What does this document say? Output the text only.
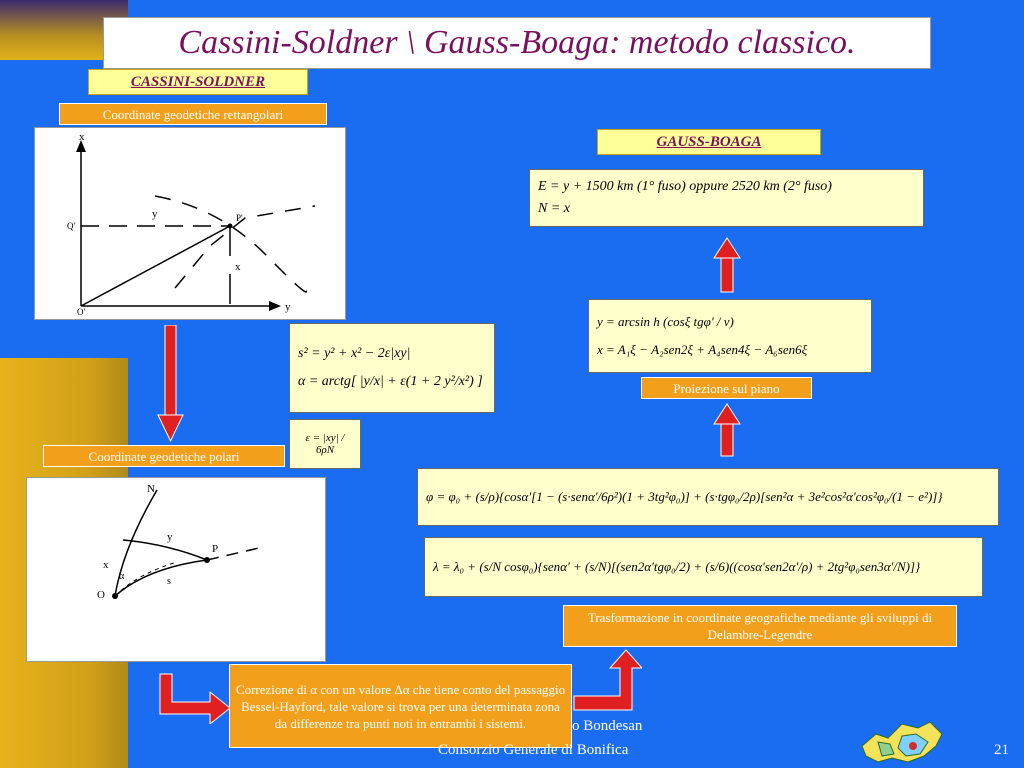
Cassini-Soldner \ Gauss-Boaga: metodo classico.
CASSINI-SOLDNER
Coordinate geodetiche rettangolari
x
y
Q'
P'
O'
y
x
s² = y² + x² − 2ε|xy|
α = arctg[ |y/x| + ε(1 + 2 y²/x²) ]
ε = |xy| / 6ρN
Coordinate geodetiche polari
N
y
P
x
α	s
O
Correzione di α con un valore Δα che tiene conto del passaggio Bessel-Hayford, tale valore si trova per una determinata zona da differenze tra punti noti in entrambi i sistemi.
GAUSS-BOAGA
E = y + 1500 km (1° fuso) oppure 2520 km (2° fuso)
N = x
y = arcsin h (cosξ tgφ' / ν)
x = A₁ξ − A₂sen2ξ + A₄sen4ξ − A₆sen6ξ
Proiezione sul piano
φ = φ₀ + (s/ρ){cosα'[1 − (s·senα'/6ρ²)(1 + 3tg²φ₀)] + (s·tgφ₀/2ρ)[sen²α + 3e²cos²α'cos²φ₀/(1 − e²)]}
λ = λ₀ + (s/N cosφ₀){senα' + (s/N)[(sen2α'tgφ₀/2) + (s/6)((cosα'sen2α'/ρ) + 2tg²φ₀sen3α'/N)]}
Trasformazione in coordinate geografiche mediante gli sviluppi di Delambre-Legendre
o Bondesan
Consorzio Generale di Bonifica	21
